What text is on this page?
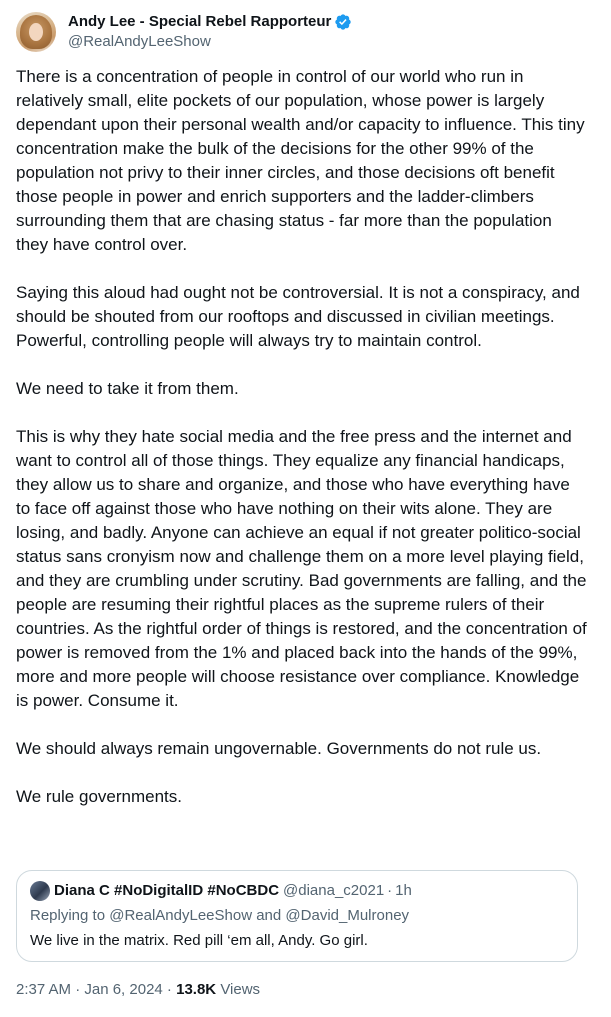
Andy Lee - Special Rebel Rapporteur
@RealAndyLeeShow
There is a concentration of people in control of our world who run in relatively small, elite pockets of our population, whose power is largely dependant upon their personal wealth and/or capacity to influence. This tiny concentration make the bulk of the decisions for the other 99% of the population not privy to their inner circles, and those decisions oft benefit those people in power and enrich supporters and the ladder-climbers surrounding them that are chasing status - far more than the population they have control over.

Saying this aloud had ought not be controversial. It is not a conspiracy, and should be shouted from our rooftops and discussed in civilian meetings. Powerful, controlling people will always try to maintain control.

We need to take it from them.

This is why they hate social media and the free press and the internet and want to control all of those things. They equalize any financial handicaps, they allow us to share and organize, and those who have everything have to face off against those who have nothing on their wits alone. They are losing, and badly. Anyone can achieve an equal if not greater politico-social status sans cronyism now and challenge them on a more level playing field, and they are crumbling under scrutiny. Bad governments are falling, and the people are resuming their rightful places as the supreme rulers of their countries. As the rightful order of things is restored, and the concentration of power is removed from the 1% and placed back into the hands of the 99%, more and more people will choose resistance over compliance. Knowledge is power. Consume it.

We should always remain ungovernable. Governments do not rule us.

We rule governments.
Diana C #NoDigitalID #NoCBDC @diana_c2021 · 1h
Replying to @RealAndyLeeShow and @David_Mulroney
We live in the matrix. Red pill ‘em all, Andy. Go girl.
2:37 AM · Jan 6, 2024 · 13.8K Views
